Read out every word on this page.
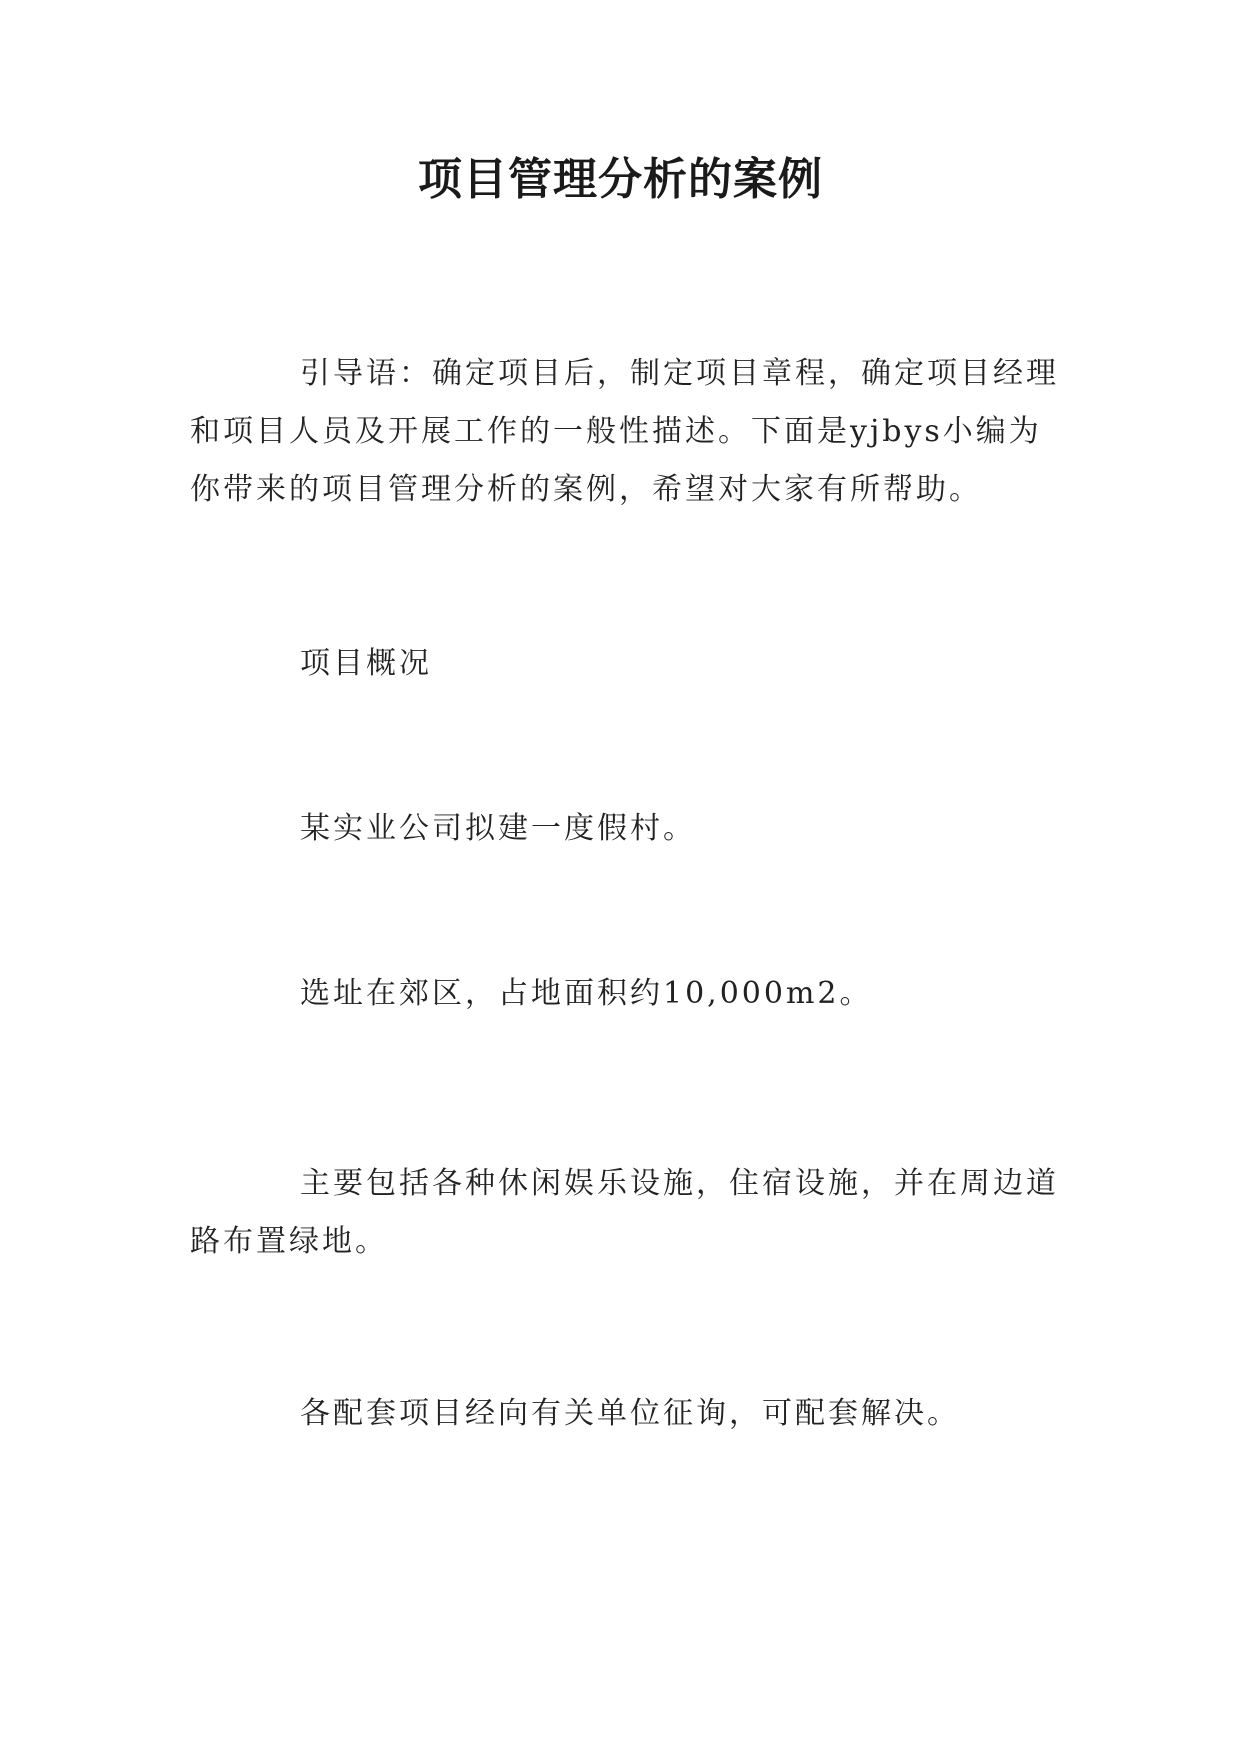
项目管理分析的案例

引导语：确定项目后，制定项目章程，确定项目经理和项目人员及开展工作的一般性描述。下面是yjbys小编为你带来的项目管理分析的案例，希望对大家有所帮助。

项目概况

某实业公司拟建一度假村。

选址在郊区，占地面积约10,000m2。

主要包括各种休闲娱乐设施，住宿设施，并在周边道路布置绿地。

各配套项目经向有关单位征询，可配套解决。
